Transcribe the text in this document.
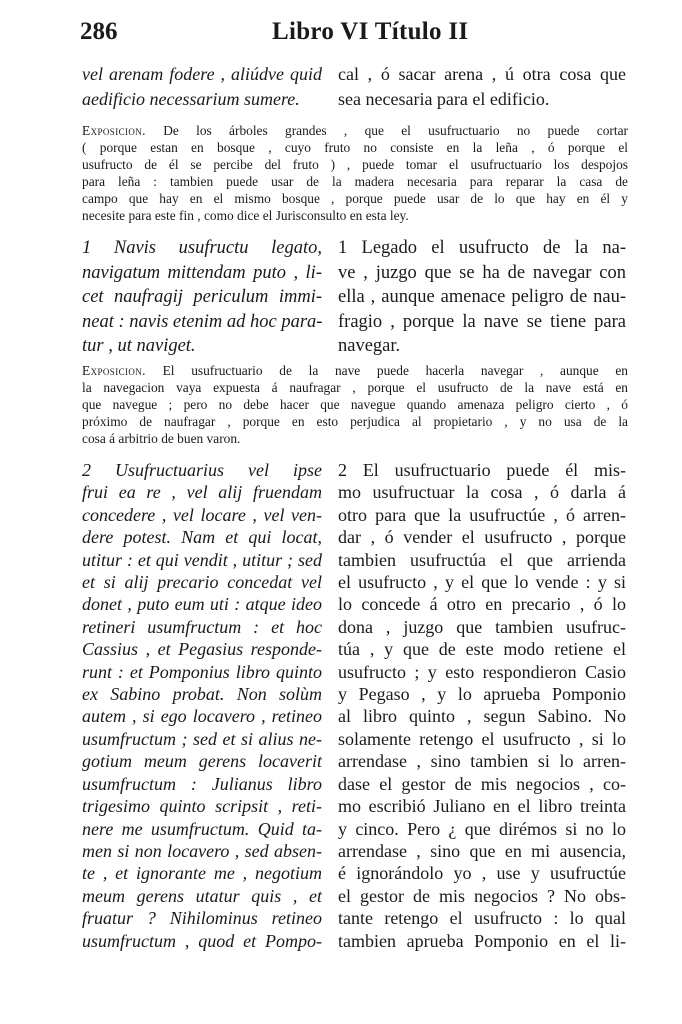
286	Libro VI Título II
vel arenam fodere , aliúdve quid
aedificio necessarium sumere.
cal , ó sacar arena , ú otra cosa que
sea necesaria para el edificio.
Exposicion. De los árboles grandes , que el usufructuario no puede cortar
( porque estan en bosque , cuyo fruto no consiste en la leña , ó porque el
usufructo de él se percibe del fruto ) , puede tomar el usufructuario los despojos
para leña : tambien puede usar de la madera necesaria para reparar la casa de
campo que hay en el mismo bosque , porque puede usar de lo que hay en él y
necesite para este fin , como dice el Jurisconsulto en esta ley.
1 Navis usufructu legato,
navigatum mittendam puto , li-
cet naufragij periculum immi-
neat : navis etenim ad hoc para-
tur , ut naviget.
1 Legado el usufructo de la na-
ve , juzgo que se ha de navegar con
ella , aunque amenace peligro de nau-
fragio , porque la nave se tiene para
navegar.
Exposicion. El usufructuario de la nave puede hacerla navegar , aunque en
la navegacion vaya expuesta á naufragar , porque el usufructo de la nave está en
que navegue ; pero no debe hacer que navegue quando amenaza peligro cierto , ó
próximo de naufragar , porque en esto perjudica al propietario , y no usa de la
cosa á arbitrio de buen varon.
2 Usufructuarius vel ipse
frui ea re , vel alij fruendam
concedere , vel locare , vel ven-
dere potest. Nam et qui locat,
utitur : et qui vendit , utitur ; sed
et si alij precario concedat vel
donet , puto eum uti : atque ideo
retineri usumfructum : et hoc
Cassius , et Pegasius responde-
runt : et Pomponius libro quinto
ex Sabino probat. Non solùm
autem , si ego locavero , retineo
usumfructum ; sed et si alius ne-
gotium meum gerens locaverit
usumfructum : Julianus libro
trigesimo quinto scripsit , reti-
nere me usumfructum. Quid ta-
men si non locavero , sed absen-
te , et ignorante me , negotium
meum gerens utatur quis , et
fruatur ? Nihilominus retineo
usumfructum , quod et Pompo-
2 El usufructuario puede él mis-
mo usufructuar la cosa , ó darla á
otro para que la usufructúe , ó arren-
dar , ó vender el usufructo , porque
tambien usufructúa el que arrienda
el usufructo , y el que lo vende : y si
lo concede á otro en precario , ó lo
dona , juzgo que tambien usufruc-
túa , y que de este modo retiene el
usufructo ; y esto respondieron Casio
y Pegaso , y lo aprueba Pomponio
al libro quinto , segun Sabino. No
solamente retengo el usufructo , si lo
arrendase , sino tambien si lo arren-
dase el gestor de mis negocios , co-
mo escribió Juliano en el libro treinta
y cinco. Pero ¿ que dirémos si no lo
arrendase , sino que en mi ausencia,
é ignorándolo yo , use y usufructúe
el gestor de mis negocios ? No obs-
tante retengo el usufructo : lo qual
tambien aprueba Pomponio en el li-
